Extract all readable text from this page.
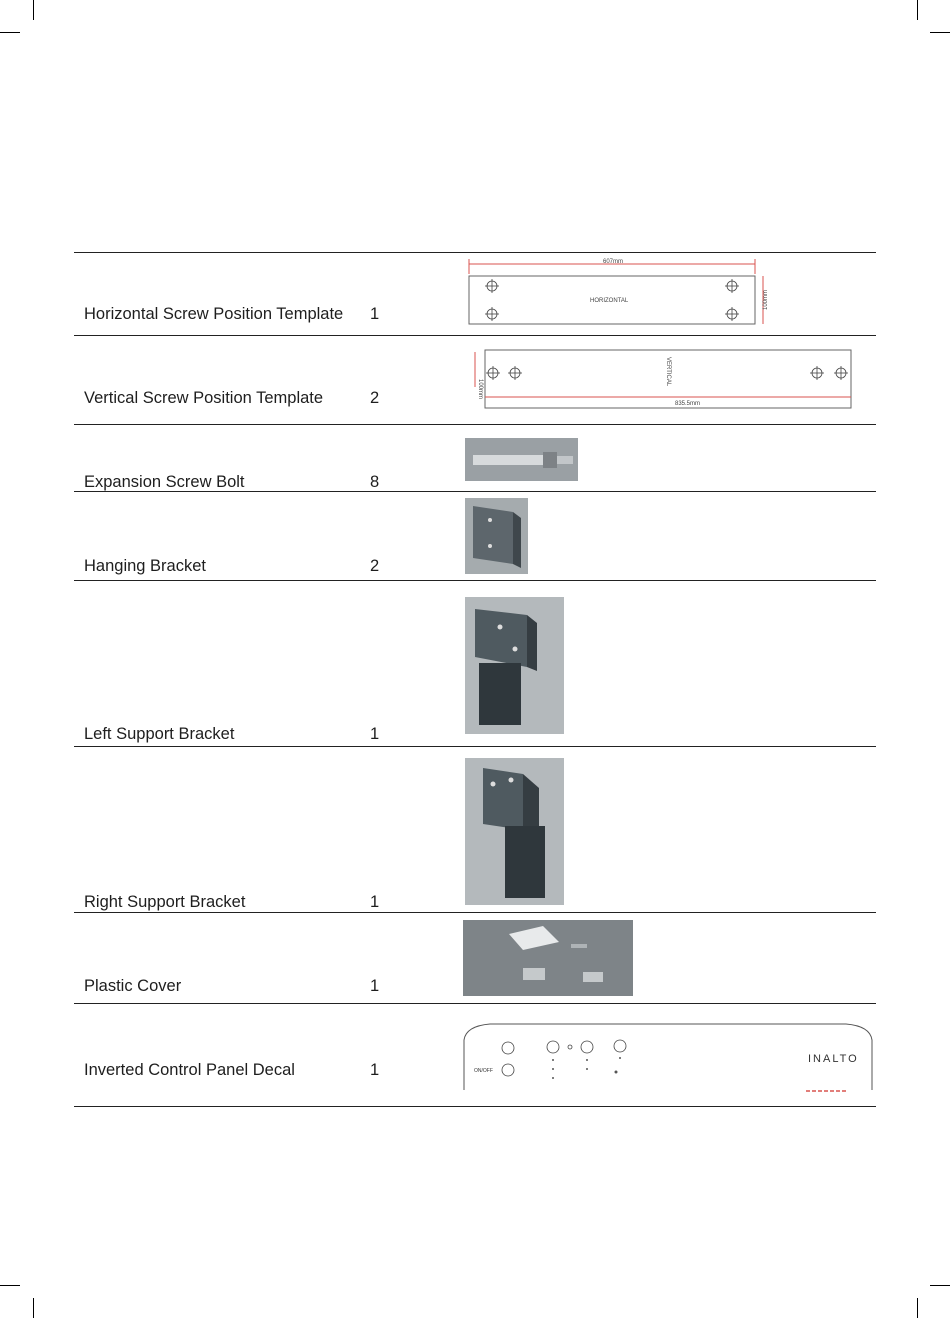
Horizontal Screw Position Template 1
607mm
100mm
HORIZONTAL
Vertical Screw Position Template	2	100mm
835.5mm
VERTICAL
Expansion Screw Bolt	8
Hanging Bracket	2
Left Support Bracket	1
Right Support Bracket	1
Plastic Cover	1
Inverted Control Panel Decal	1	ON/OFF
INALTO
